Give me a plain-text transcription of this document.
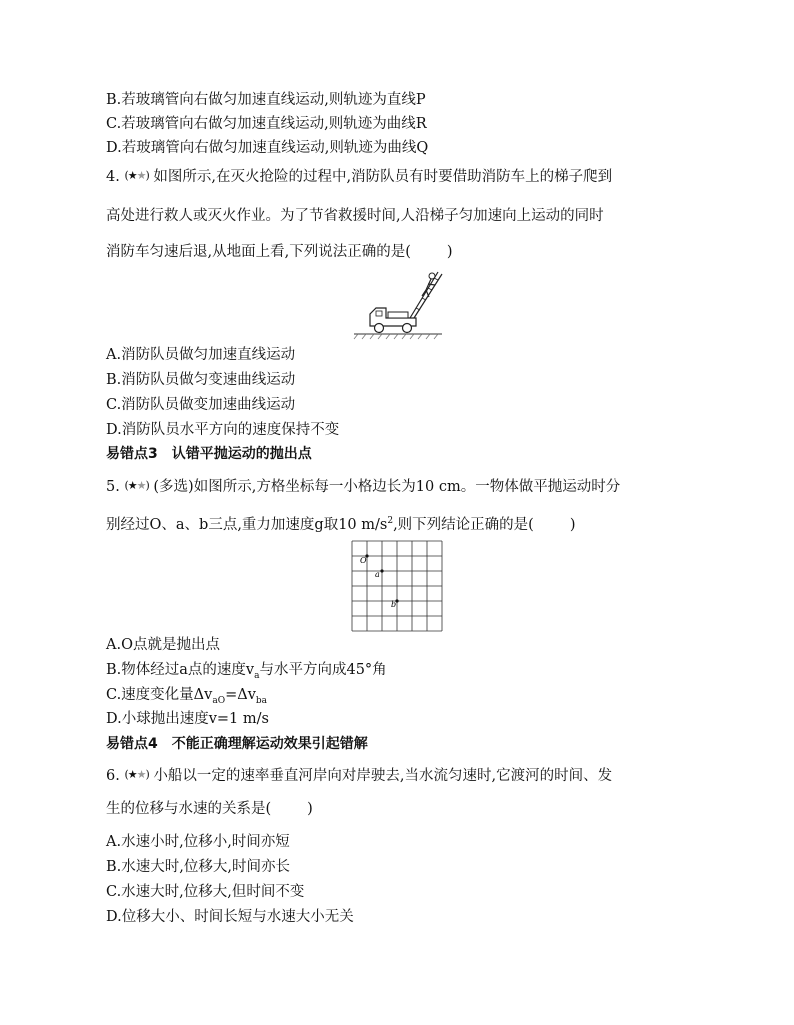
B.若玻璃管向右做匀加速直线运动,则轨迹为直线P
C.若玻璃管向右做匀加速直线运动,则轨迹为曲线R
D.若玻璃管向右做匀加速直线运动,则轨迹为曲线Q
4. (★★) 如图所示,在灭火抢险的过程中,消防队员有时要借助消防车上的梯子爬到
高处进行救人或灭火作业。为了节省救援时间,人沿梯子匀加速向上运动的同时
消防车匀速后退,从地面上看,下列说法正确的是( )
A.消防队员做匀加速直线运动
B.消防队员做匀变速曲线运动
C.消防队员做变加速曲线运动
D.消防队员水平方向的速度保持不变
易错点3 认错平抛运动的抛出点
5. (★★) (多选)如图所示,方格坐标每一小格边长为10 cm。一物体做平抛运动时分
别经过O、a、b三点,重力加速度g取10 $m/s^2$,则下列结论正确的是( )
O
a
b
A.O点就是抛出点
B.物体经过a点的速度$v_a$与水平方向成45°角
C.速度变化量$\Delta v_{aO}=\Delta v_{ba}$
D.小球抛出速度v=1 m/s
易错点4 不能正确理解运动效果引起错解
6. (★★) 小船以一定的速率垂直河岸向对岸驶去,当水流匀速时,它渡河的时间、发
生的位移与水速的关系是( )
A.水速小时,位移小,时间亦短
B.水速大时,位移大,时间亦长
C.水速大时,位移大,但时间不变
D.位移大小、时间长短与水速大小无关
